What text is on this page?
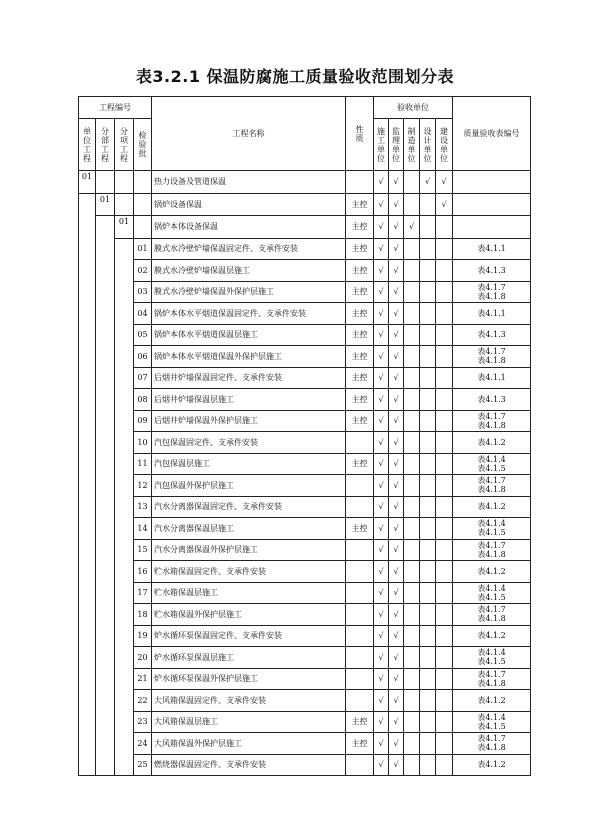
表3.2.1 保温防腐施工质量验收范围划分表
工程编号				工程名称	性质	验收单位					质量验收表编号

单位工程	分部工程	分项工程	检验批			施工单位	监理单位	制造单位	设计单位	建设单位	

01				热力设备及管道保温		√	√		√	√	
	01			锅炉设备保温	主控	√	√			√	
		01		锅炉本体设备保温	主控	√	√	√			
			01	膜式水冷壁炉墙保温固定件、支承件安装	主控	√	√				表4.1.1

			02	膜式水冷壁炉墙保温层施工	主控	√	√				表4.1.3

			03	膜式水冷壁炉墙保温外保护层施工	主控	√	√				表4.1.7
表4.1.8

			04	锅炉本体水平烟道保温固定件、支承件安装	主控	√	√				表4.1.1

			05	锅炉本体水平烟道保温层施工	主控	√	√				表4.1.3

			06	锅炉本体水平烟道保温外保护层施工	主控	√	√				表4.1.7
表4.1.8

			07	后烟井炉墙保温固定件、支承件安装	主控	√	√				表4.1.1

			08	后烟井炉墙保温层施工	主控	√	√				表4.1.3

			09	后烟井炉墙保温外保护层施工	主控	√	√				表4.1.7
表4.1.8

			10	汽包保温固定件、支承件安装		√	√				表4.1.2

			11	汽包保温层施工	主控	√	√				表4.1.4
表4.1.5

			12	汽包保温外保护层施工		√	√				表4.1.7
表4.1.8

			13	汽水分离器保温固定件、支承件安装		√	√				表4.1.2

			14	汽水分离器保温层施工	主控	√	√				表4.1.4
表4.1.5

			15	汽水分离器保温外保护层施工		√	√				表4.1.7
表4.1.8

			16	贮水箱保温固定件、支承件安装		√	√				表4.1.2

			17	贮水箱保温层施工		√	√				表4.1.4
表4.1.5

			18	贮水箱保温外保护层施工		√	√				表4.1.7
表4.1.8

			19	炉水循环泵保温固定件、支承件安装		√	√				表4.1.2

			20	炉水循环泵保温层施工		√	√				表4.1.4
表4.1.5

			21	炉水循环泵保温外保护层施工		√	√				表4.1.7
表4.1.8

			22	大风箱保温固定件、支承件安装		√	√				表4.1.2

			23	大风箱保温层施工	主控	√	√				表4.1.4
表4.1.5

			24	大风箱保温外保护层施工	主控	√	√				表4.1.7
表4.1.8

			25	燃烧器保温固定件、支承件安装		√	√				表4.1.2
